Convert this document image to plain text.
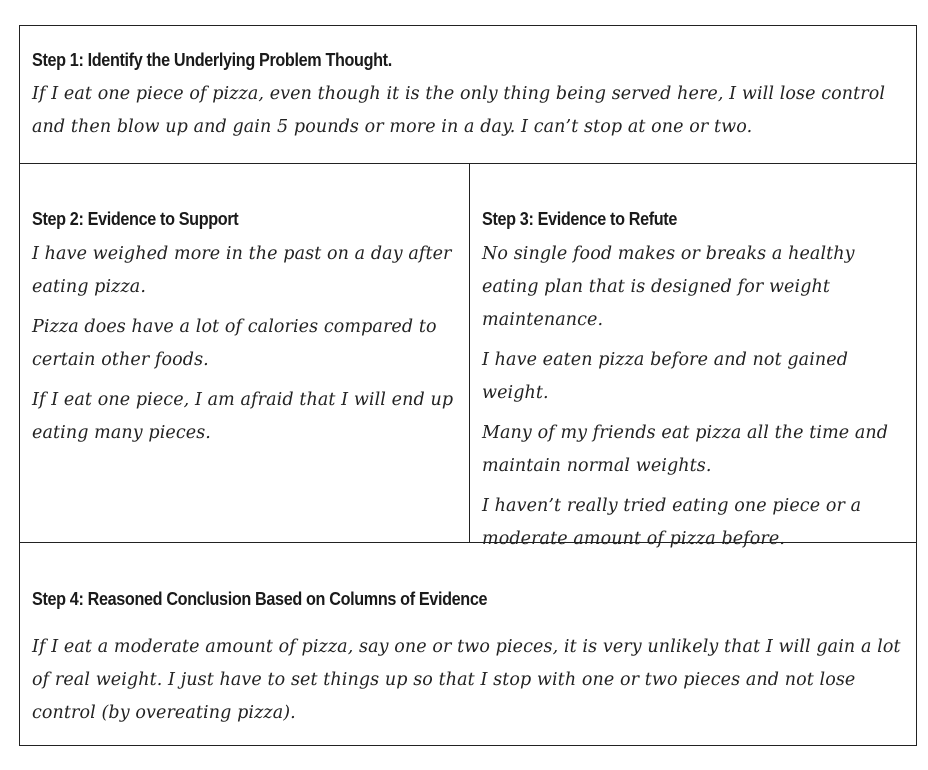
Step 1: Identify the Underlying Problem Thought.
If I eat one piece of pizza, even though it is the only thing being served here, I will lose control and then blow up and gain 5 pounds or more in a day. I can’t stop at one or two.
Step 2: Evidence to Support

I have weighed more in the past on a day after eating pizza.

Pizza does have a lot of calories compared to certain other foods.

If I eat one piece, I am afraid that I will end up eating many pieces.

Step 3: Evidence to Refute

No single food makes or breaks a healthy eating plan that is designed for weight maintenance.

I have eaten pizza before and not gained weight.

Many of my friends eat pizza all the time and maintain normal weights.

I haven’t really tried eating one piece or a moderate amount of pizza before.

Step 4: Reasoned Conclusion Based on Columns of Evidence
If I eat a moderate amount of pizza, say one or two pieces, it is very unlikely that I will gain a lot of real weight. I just have to set things up so that I stop with one or two pieces and not lose control (by overeating pizza).
